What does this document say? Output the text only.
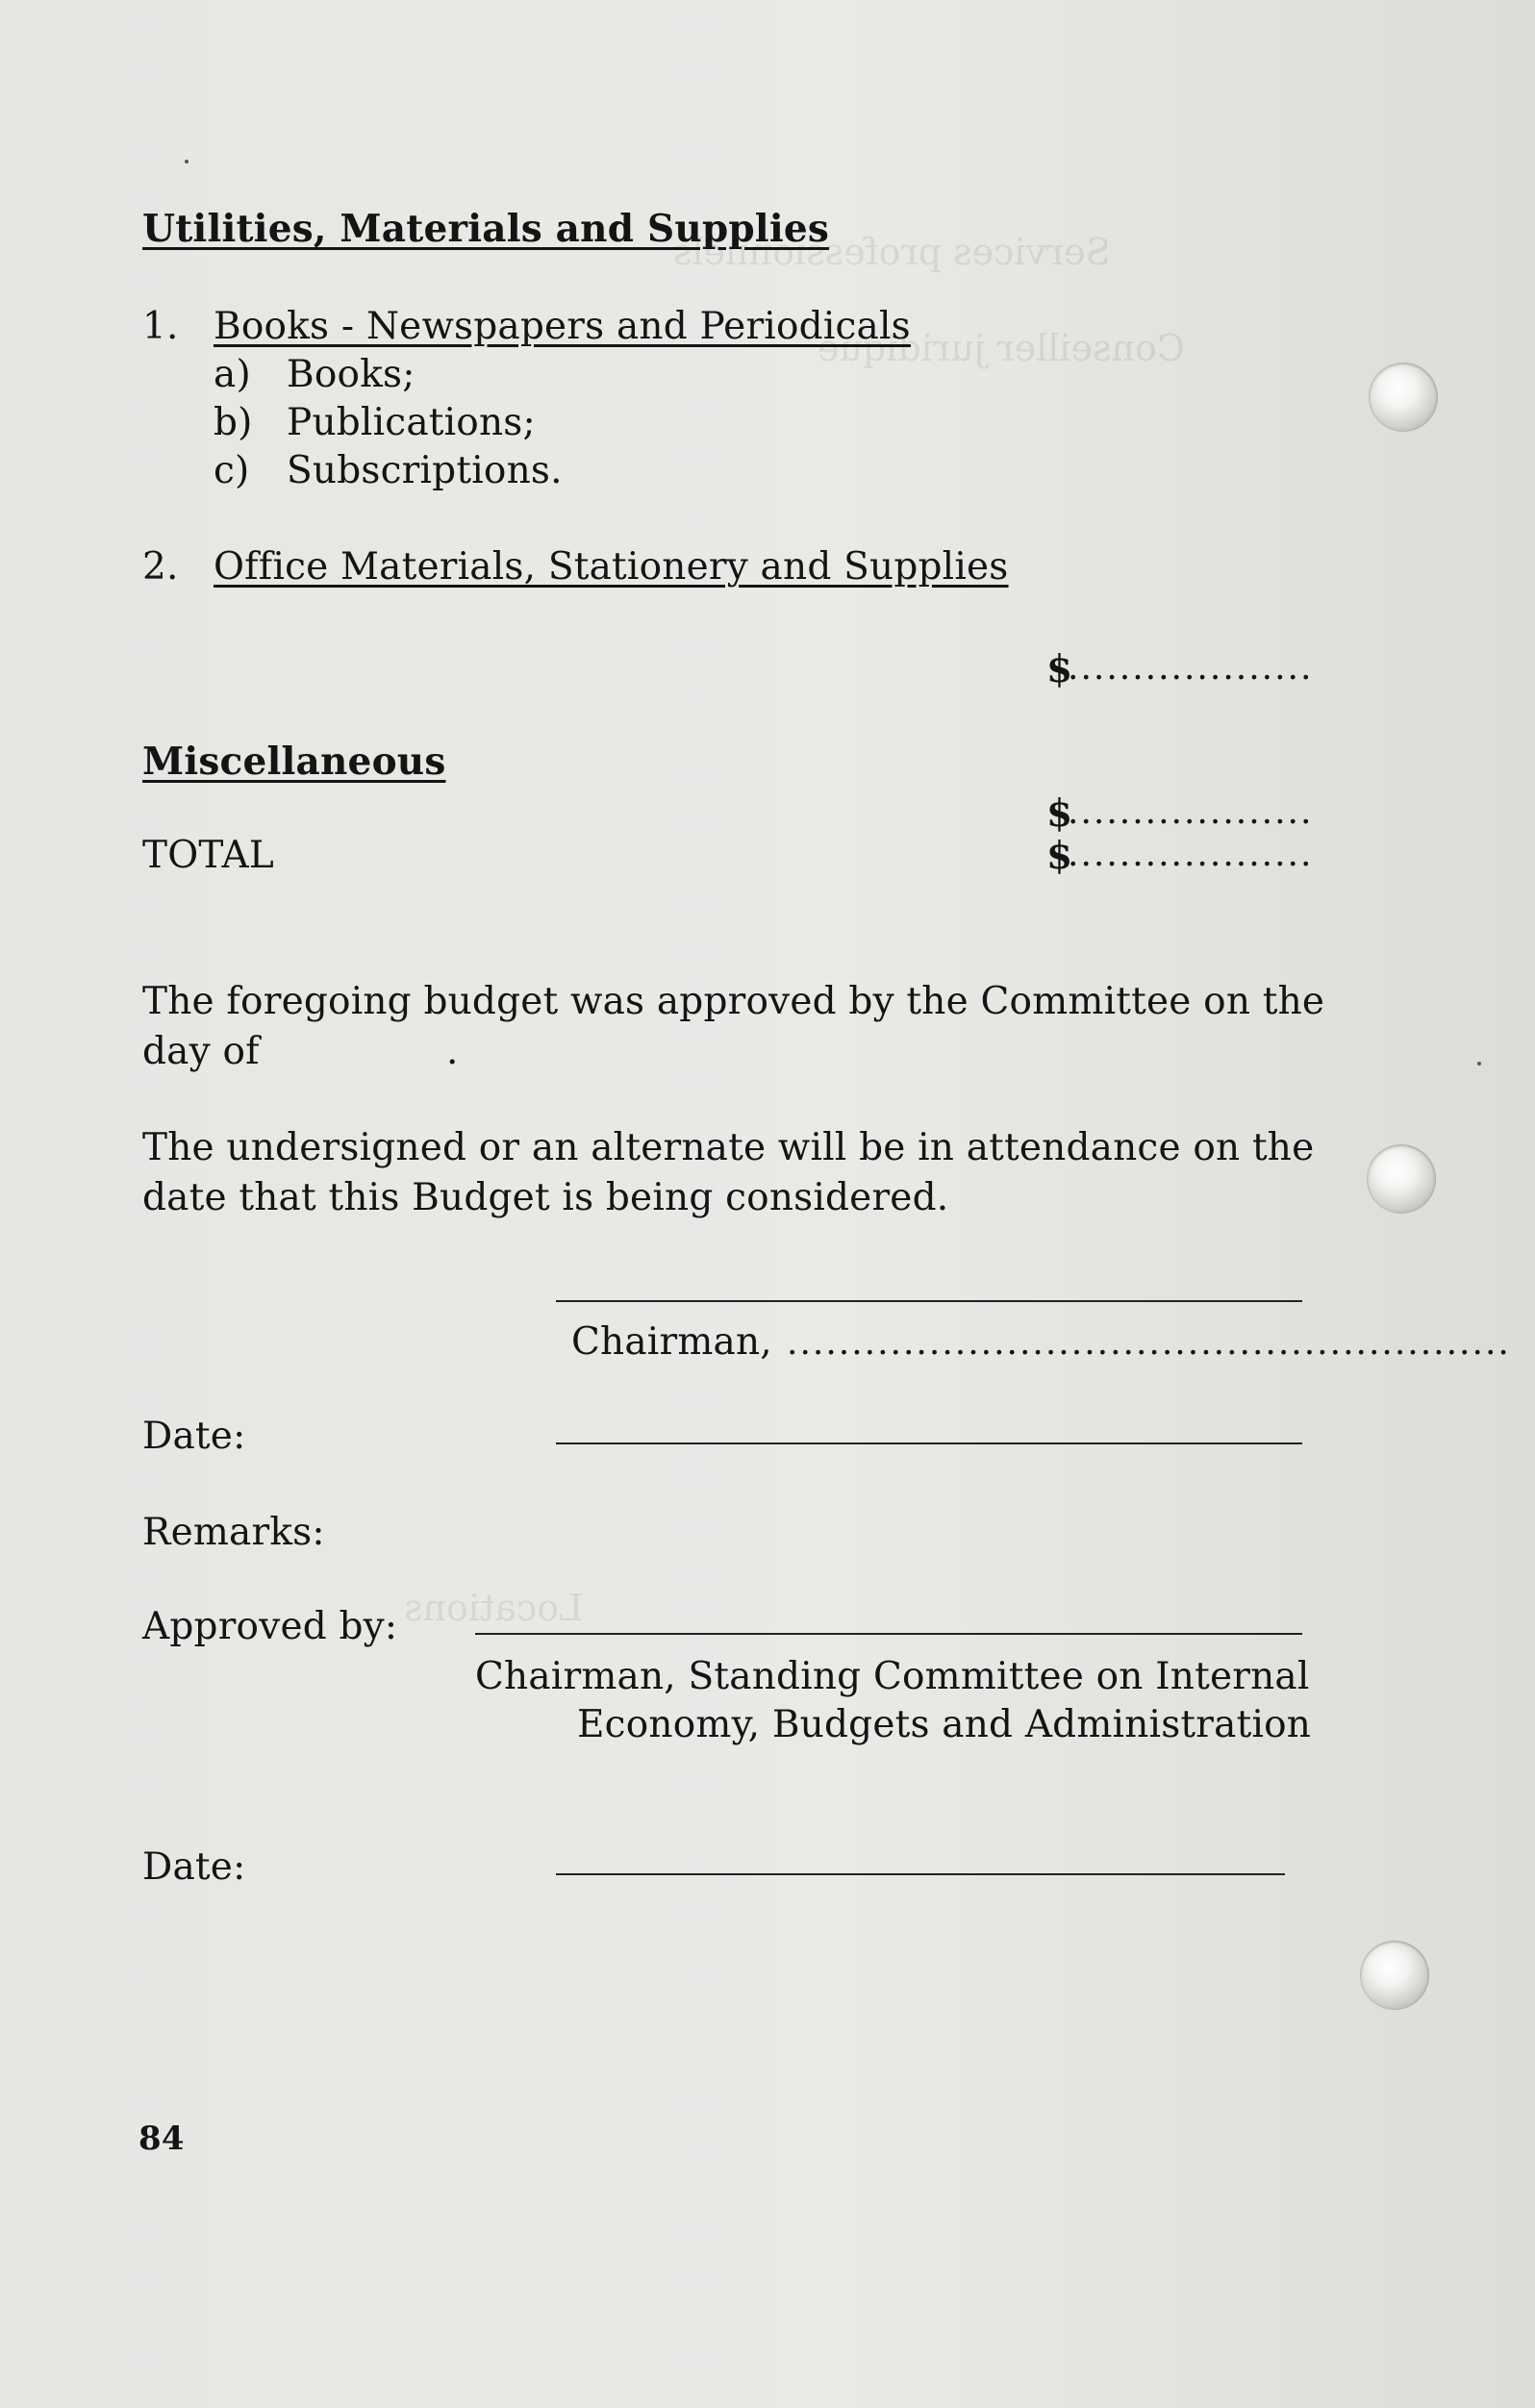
Services professionnels
Conseiller juridique
Locations
Utilities, Materials and Supplies
1. Books - Newspapers and Periodicals
a) Books;
b) Publications;
c) Subscriptions.
2. Office Materials, Stationery and Supplies
$
...................
Miscellaneous
$
...................
TOTAL	$
...................
The foregoing budget was approved by the Committee on the
day of	.
The undersigned or an alternate will be in attendance on the
date that this Budget is being considered.
Chairman, ........................................................
Date:
Remarks:
Approved by:
Chairman, Standing Committee on Internal
Economy, Budgets and Administration
Date:
84
